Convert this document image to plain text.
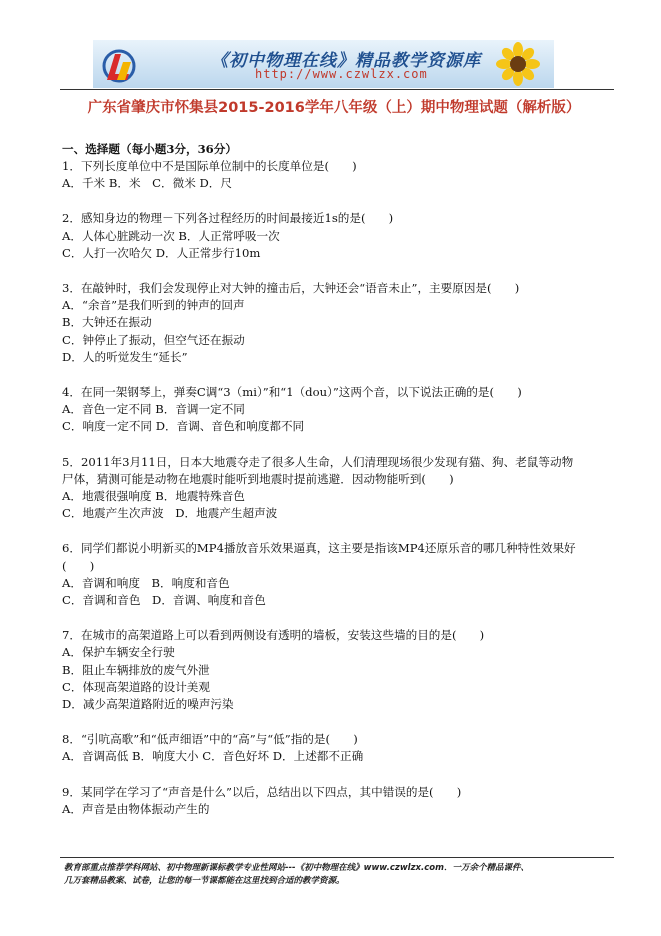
《初中物理在线》精品教学资源库
http://www.czwlzx.com
广东省肇庆市怀集县2015-2016学年八年级（上）期中物理试题（解析版）
一、选择题（每小题3分，36分）
1．下列长度单位中不是国际单位制中的长度单位是(　　)
A．千米 B．米　C．微米 D．尺
2．感知身边的物理－下列各过程经历的时间最接近1s的是(　　)
A．人体心脏跳动一次 B．人正常呼吸一次
C．人打一次哈欠 D．人正常步行10m
3．在敲钟时，我们会发现停止对大钟的撞击后，大钟还会“语音未止”，主要原因是(　　)
A．“余音”是我们听到的钟声的回声
B．大钟还在振动
C．钟停止了振动，但空气还在振动
D．人的听觉发生“延长”
4．在同一架钢琴上，弹奏C调“3（mi）”和“1（dou）”这两个音，以下说法正确的是(　　)
A．音色一定不同 B．音调一定不同
C．响度一定不同 D．音调、音色和响度都不同
5．2011年3月11日，日本大地震夺走了很多人生命，人们清理现场很少发现有猫、狗、老鼠等动物
尸体，猜测可能是动物在地震时能听到地震时提前逃避．因动物能听到(　　)
A．地震很强响度 B．地震特殊音色
C．地震产生次声波　D．地震产生超声波
6．同学们都说小明新买的MP4播放音乐效果逼真，这主要是指该MP4还原乐音的哪几种特性效果好
(　　)
A．音调和响度　B．响度和音色
C．音调和音色　D．音调、响度和音色
7．在城市的高架道路上可以看到两侧设有透明的墙板，安装这些墙的目的是(　　)
A．保护车辆安全行驶
B．阻止车辆排放的废气外泄
C．体现高架道路的设计美观
D．减少高架道路附近的噪声污染
8．“引吭高歌”和“低声细语”中的“高”与“低”指的是(　　)
A．音调高低 B．响度大小 C．音色好坏 D．上述都不正确
9．某同学在学习了“声音是什么”以后，总结出以下四点，其中错误的是(　　)
A．声音是由物体振动产生的
教育部重点推荐学科网站、初中物理新课标教学专业性网站---《初中物理在线》www.czwlzx.com．一万余个精品课件、
几万套精品教案、试卷，让您的每一节课都能在这里找到合适的教学资源。
